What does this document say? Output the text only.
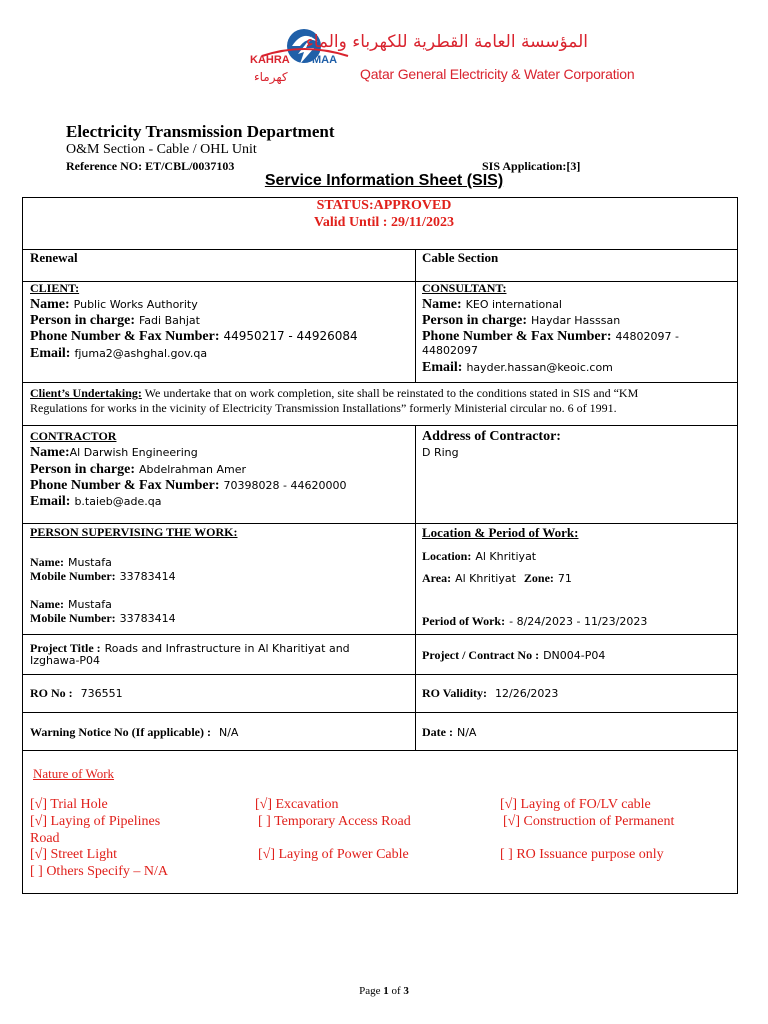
KAHRA MAA
كهرماء
المؤسسة العامة القطرية للكهرباء والماء
Qatar General Electricity & Water Corporation
Electricity Transmission Department
O&M Section - Cable / OHL Unit
Reference NO: ET/CBL/0037103	SIS Application:[3]
Service Information Sheet (SIS)
STATUS:APPROVED
Valid Until : 29/11/2023
Renewal	Cable Section
CLIENT:
Name: Public Works Authority
Person in charge: Fadi Bahjat
Phone Number & Fax Number: 44950217 - 44926084
Email: fjuma2@ashghal.gov.qa
CONSULTANT:
Name: KEO international
Person in charge: Haydar Hasssan
Phone Number & Fax Number: 44802097 -
44802097
Email: hayder.hassan@keoic.com
Client’s Undertaking: We undertake that on work completion, site shall be reinstated to the conditions stated in SIS and “KM
Regulations for works in the vicinity of Electricity Transmission Installations” formerly Ministerial circular no. 6 of 1991.
CONTRACTOR
Name:Al Darwish Engineering
Person in charge: Abdelrahman Amer
Phone Number & Fax Number: 70398028 - 44620000
Email: b.taieb@ade.qa
Address of Contractor:
D Ring
PERSON SUPERVISING THE WORK:
Name: Mustafa
Mobile Number: 33783414
Name: Mustafa
Mobile Number: 33783414
Location & Period of Work:
Location: Al Khritiyat
Area: Al Khritiyat Zone: 71
Period of Work: - 8/24/2023 - 11/23/2023
Project Title : Roads and Infrastructure in Al Kharitiyat and
Izghawa-P04	Project / Contract No : DN004-P04
RO No : 736551	RO Validity: 12/26/2023
Warning Notice No (If applicable) : N/A	Date : N/A
Nature of Work
[√] Trial Hole	[√] Excavation	[√] Laying of FO/LV cable
[√] Laying of Pipelines	[ ] Temporary Access Road	[√] Construction of Permanent
Road
[√] Street Light	[√] Laying of Power Cable	[ ] RO Issuance purpose only
[ ] Others Specify – N/A
Page 1 of 3
